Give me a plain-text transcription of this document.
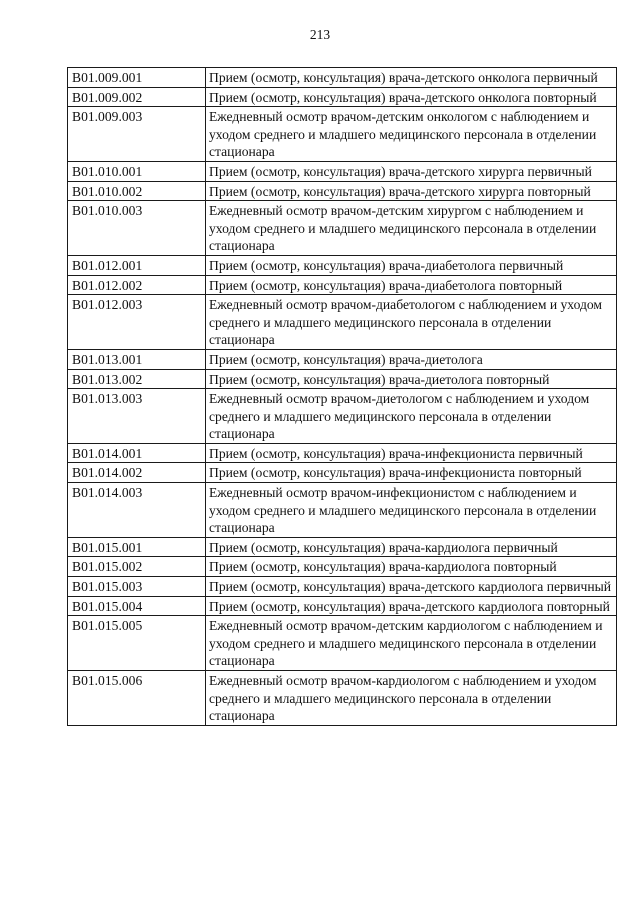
213
B01.009.001	Прием (осмотр, консультация) врача-детского онколога первичный
B01.009.002	Прием (осмотр, консультация) врача-детского онколога повторный
B01.009.003	Ежедневный осмотр врачом-детским онкологом с наблюдением и уходом среднего и младшего медицинского персонала в отделении стационара
B01.010.001	Прием (осмотр, консультация) врача-детского хирурга первичный
B01.010.002	Прием (осмотр, консультация) врача-детского хирурга повторный
B01.010.003	Ежедневный осмотр врачом-детским хирургом с наблюдением и уходом среднего и младшего медицинского персонала в отделении стационара
B01.012.001	Прием (осмотр, консультация) врача-диабетолога первичный
B01.012.002	Прием (осмотр, консультация) врача-диабетолога повторный
B01.012.003	Ежедневный осмотр врачом-диабетологом с наблюдением и уходом среднего и младшего медицинского персонала в отделении стационара
B01.013.001	Прием (осмотр, консультация) врача-диетолога
B01.013.002	Прием (осмотр, консультация) врача-диетолога повторный
B01.013.003	Ежедневный осмотр врачом-диетологом с наблюдением и уходом среднего и младшего медицинского персонала в отделении стационара
B01.014.001	Прием (осмотр, консультация) врача-инфекциониста первичный
B01.014.002	Прием (осмотр, консультация) врача-инфекциониста повторный
B01.014.003	Ежедневный осмотр врачом-инфекционистом с наблюдением и уходом среднего и младшего медицинского персонала в отделении стационара
B01.015.001	Прием (осмотр, консультация) врача-кардиолога первичный
B01.015.002	Прием (осмотр, консультация) врача-кардиолога повторный
B01.015.003	Прием (осмотр, консультация) врача-детского кардиолога первичный
B01.015.004	Прием (осмотр, консультация) врача-детского кардиолога повторный
B01.015.005	Ежедневный осмотр врачом-детским кардиологом с наблюдением и уходом среднего и младшего медицинского персонала в отделении стационара
B01.015.006	Ежедневный осмотр врачом-кардиологом с наблюдением и уходом среднего и младшего медицинского персонала в отделении стационара
